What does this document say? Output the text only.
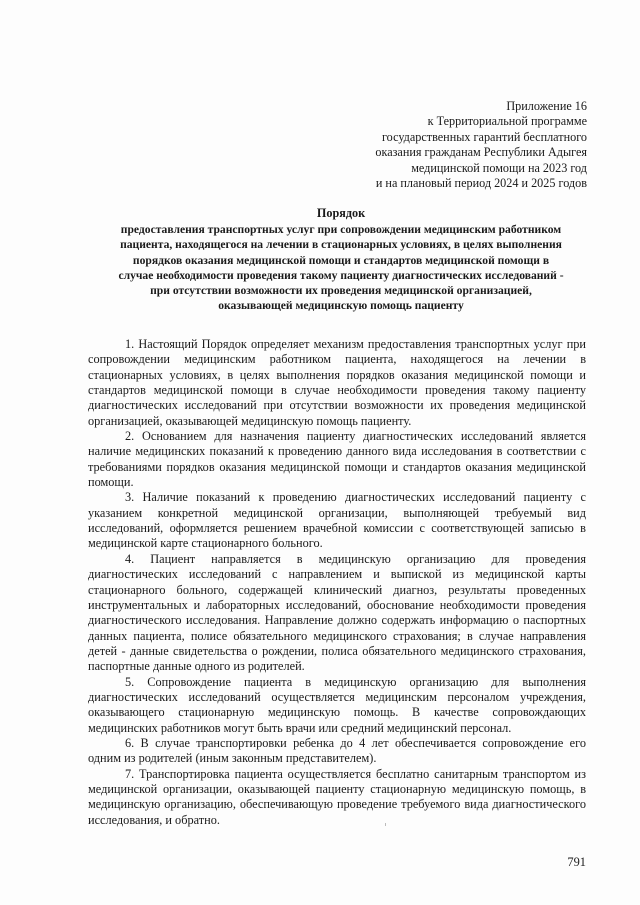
Приложение 16
к Территориальной программе
государственных гарантий бесплатного
оказания гражданам Республики Адыгея
медицинской помощи на 2023 год
и на плановый период 2024 и 2025 годов
Порядок
предоставления транспортных услуг при сопровождении медицинским работником
пациента, находящегося на лечении в стационарных условиях, в целях выполнения
порядков оказания медицинской помощи и стандартов медицинской помощи в
случае необходимости проведения такому пациенту диагностических исследований -
при отсутствии возможности их проведения медицинской организацией,
оказывающей медицинскую помощь пациенту

1. Настоящий Порядок определяет механизм предоставления транспортных услуг при сопровождении медицинским работником пациента, находящегося на лечении в стационарных условиях, в целях выполнения порядков оказания медицинской помощи и стандартов медицинской помощи в случае необходимости проведения такому пациенту диагностических исследований при отсутствии возможности их проведения медицинской организацией, оказывающей медицинскую помощь пациенту.

2. Основанием для назначения пациенту диагностических исследований является наличие медицинских показаний к проведению данного вида исследования в соответствии с требованиями порядков оказания медицинской помощи и стандартов оказания медицинской помощи.

3. Наличие показаний к проведению диагностических исследований пациенту с указанием конкретной медицинской организации, выполняющей требуемый вид исследований, оформляется решением врачебной комиссии с соответствующей записью в медицинской карте стационарного больного.

4. Пациент направляется в медицинскую организацию для проведения диагностических исследований с направлением и выпиской из медицинской карты стационарного больного, содержащей клинический диагноз, результаты проведенных инструментальных и лабораторных исследований, обоснование необходимости проведения диагностического исследования. Направление должно содержать информацию о паспортных данных пациента, полисе обязательного медицинского страхования; в случае направления детей - данные свидетельства о рождении, полиса обязательного медицинского страхования, паспортные данные одного из родителей.

5. Сопровождение пациента в медицинскую организацию для выполнения диагностических исследований осуществляется медицинским персоналом учреждения, оказывающего стационарную медицинскую помощь. В качестве сопровождающих медицинских работников могут быть врачи или средний медицинский персонал.

6. В случае транспортировки ребенка до 4 лет обеспечивается сопровождение его одним из родителей (иным законным представителем).

7. Транспортировка пациента осуществляется бесплатно санитарным транспортом из медицинской организации, оказывающей пациенту стационарную медицинскую помощь, в медицинскую организацию, обеспечивающую проведение требуемого вида диагностического исследования, и обратно.

791
